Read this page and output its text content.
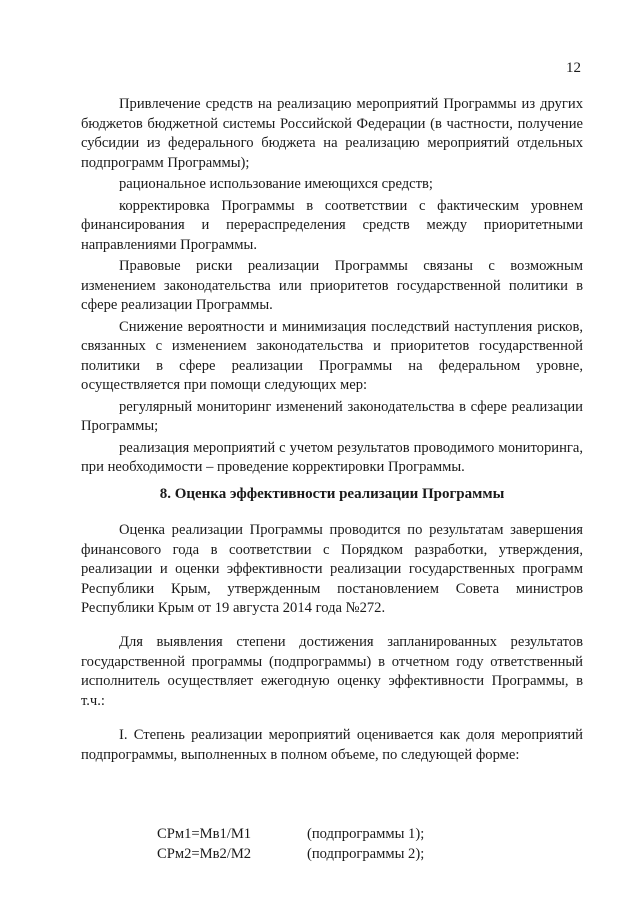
12

Привлечение средств на реализацию мероприятий Программы из других бюджетов бюджетной системы Российской Федерации (в частности, получение субсидии из федерального бюджета на реализацию мероприятий отдельных подпрограмм Программы);

рациональное использование имеющихся средств;

корректировка Программы в соответствии с фактическим уровнем финансирования и перераспределения средств между приоритетными направлениями Программы.

Правовые риски реализации Программы связаны с возможным изменением законодательства или приоритетов государственной политики в сфере реализации Программы.

Снижение вероятности и минимизация последствий наступления рисков, связанных с изменением законодательства и приоритетов государственной политики в сфере реализации Программы на федеральном уровне, осуществляется при помощи следующих мер:

регулярный мониторинг изменений законодательства в сфере реализации Программы;

реализация мероприятий с учетом результатов проводимого мониторинга, при необходимости – проведение корректировки Программы.

8. Оценка эффективности реализации Программы

Оценка реализации Программы проводится по результатам завершения финансового года в соответствии с Порядком разработки, утверждения, реализации и оценки эффективности реализации государственных программ Республики Крым, утвержденным постановлением Совета министров Республики Крым от 19 августа 2014 года №272.

Для выявления степени достижения запланированных результатов государственной программы (подпрограммы) в отчетном году ответственный исполнитель осуществляет ежегодную оценку эффективности Программы, в т.ч.:

I. Степень реализации мероприятий оценивается как доля мероприятий подпрограммы, выполненных в полном объеме, по следующей форме:

СРм1=Мв1/М1	(подпрограммы 1);
СРм2=Мв2/М2	(подпрограммы 2);
